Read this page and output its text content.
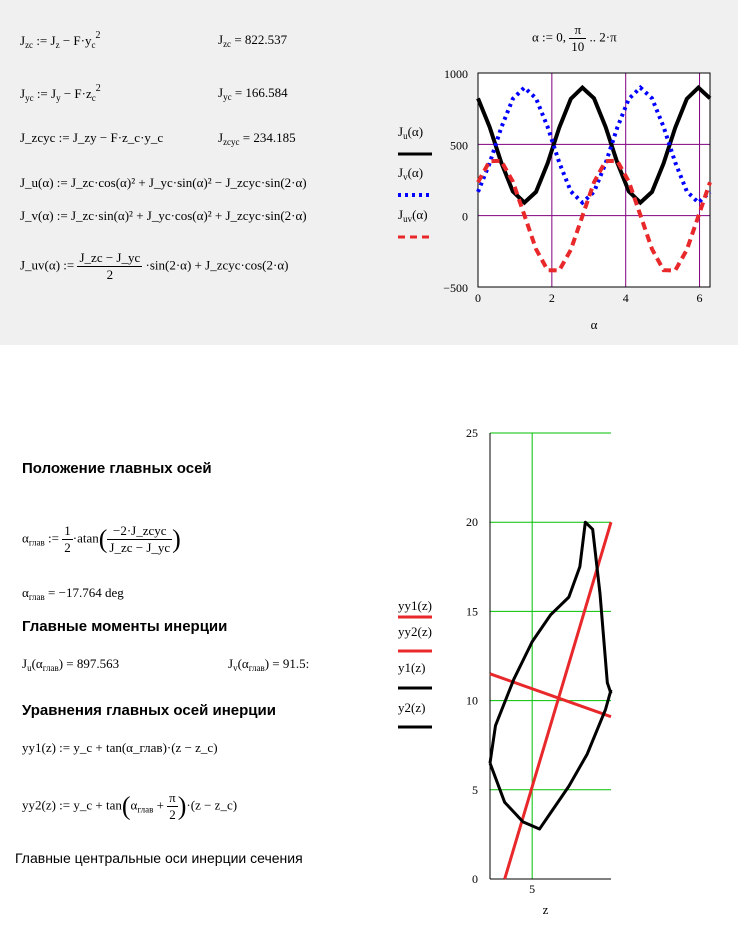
$J_{zc}$ := $J_z - F\cdot y_c^2$	$J_{zc} = 822.537$
$J_{yc}$ := $J_y - F\cdot z_c^2$	$J_{yc} = 166.584$
J_zcyc := J_zy − F·z_c·y_c	$J_{zcyc} = 234.185$
J_u(α) := J_zc·cos(α)² + J_yc·sin(α)² − J_zcyc·sin(2·α)
J_v(α) := J_zc·sin(α)² + J_yc·cos(α)² + J_zcyc·sin(2·α)
J_uv(α) := $\frac{J\_zc - J\_yc}{2} \cdot\sin(2\cdot\alpha)$ + J_zcyc·cos(2·α)
α := 0, $\frac{\pi}{10}$ .. 2·π
$J_u(\alpha)$
$J_v(\alpha)$
$J_{uv}(\alpha)$
1000
500
0
−500
0	2	4	6
α
Положение главных осей
$\alpha_{глав}$ := $\frac{1}{2} \cdot atan( \frac{\text{−2·J\_zcyc}}{J\_zc - J\_yc}$ )
$\alpha_{глав} = -17.764$ deg
Главные моменты инерции
$J_u(\alpha_{глав}) = 897.563$	$J_v(\alpha_{глав}) = 91.5$:
Уравнения главных осей инерции
yy1(z) := y_c + tan(α_глав)·(z − z_c)
yy2(z) := y_c + $\tan(\alpha_{глав} + \frac{\pi}{2} )\cdot(z$ − z_c)
Главные центральные оси инерции сечения
yy1(z)
yy2(z)
y1(z)
y2(z)
25
20
15
10
5
0
5
z
